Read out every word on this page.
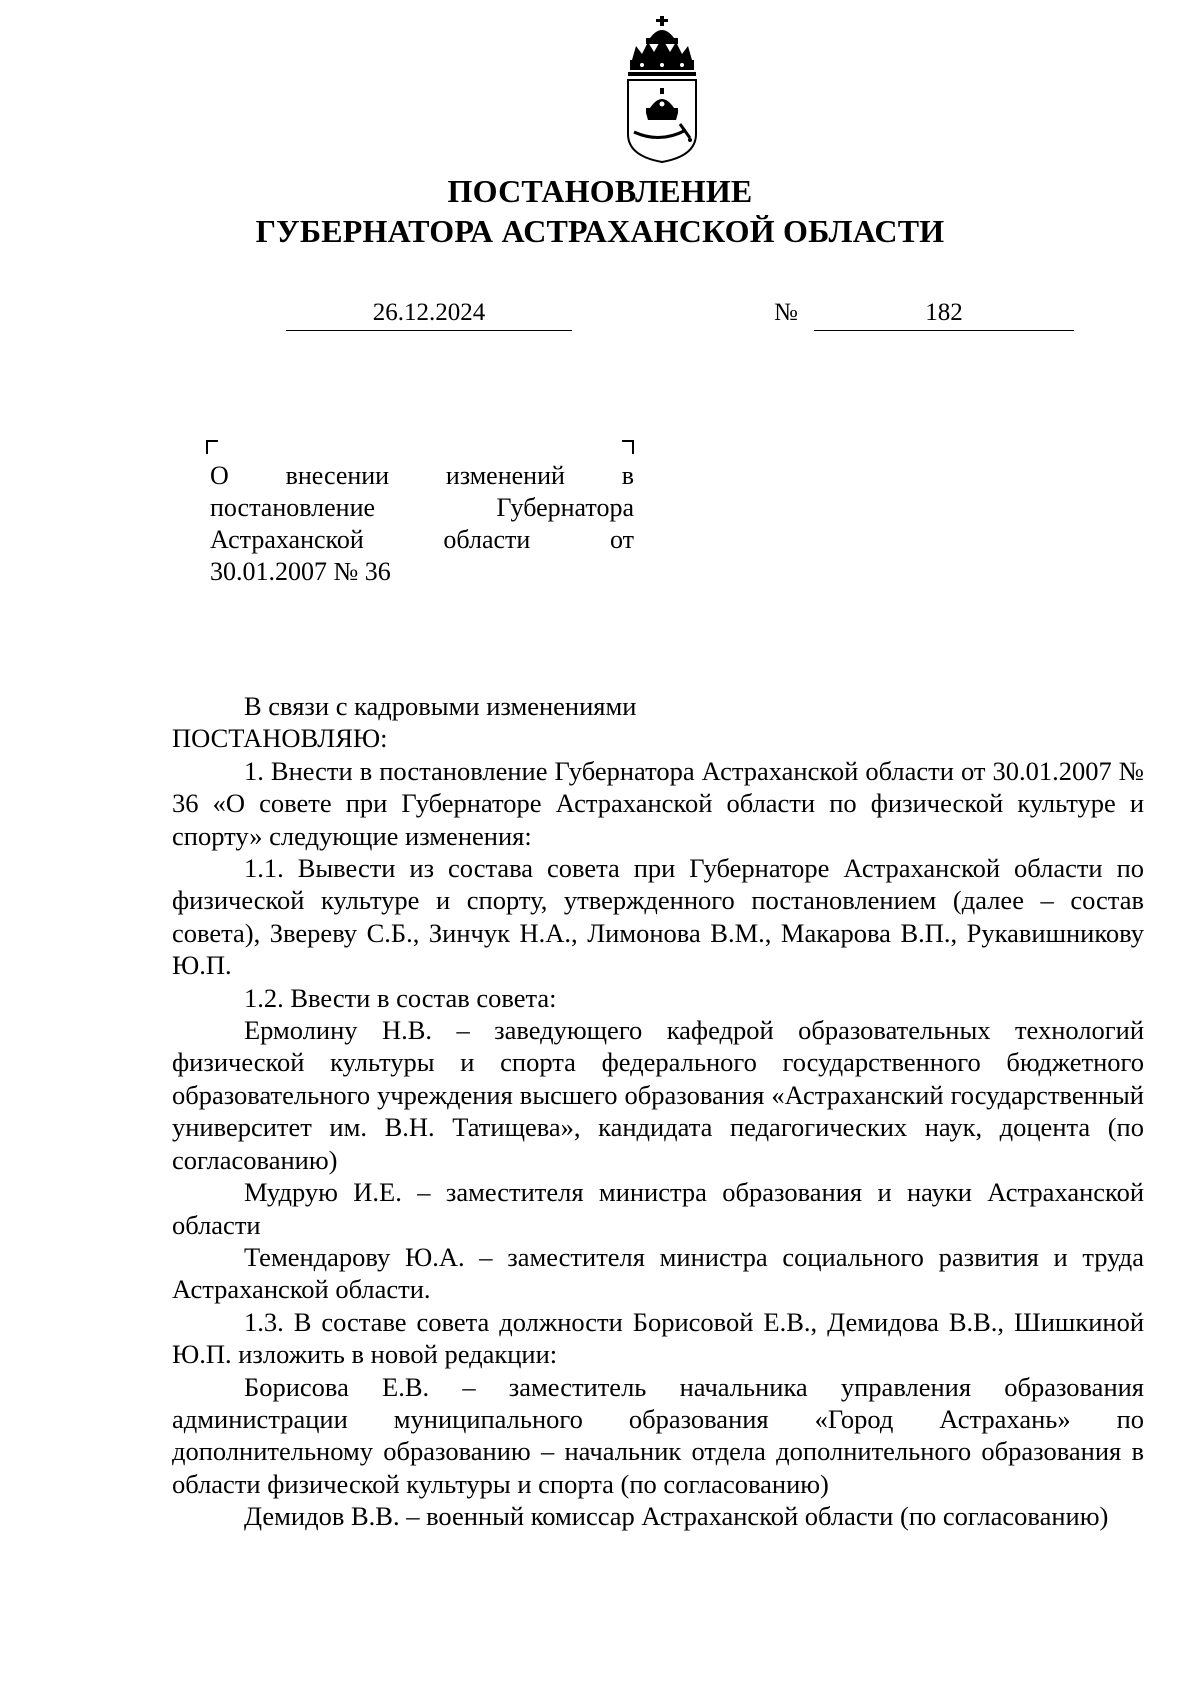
ПОСТАНОВЛЕНИЕ
ГУБЕРНАТОРА АСТРАХАНСКОЙ ОБЛАСТИ
26.12.2024	№	182
О внесении изменений в
постановление Губернатора
Астраханской области от
30.01.2007 № 36

В связи с кадровыми изменениями

ПОСТАНОВЛЯЮ:

1. Внести в постановление Губернатора Астраханской области от 30.01.2007 № 36 «О совете при Губернаторе Астраханской области по физической культуре и спорту» следующие изменения:

1.1. Вывести из состава совета при Губернаторе Астраханской области по физической культуре и спорту, утвержденного постановлением (далее – состав совета), Звереву С.Б., Зинчук Н.А., Лимонова В.М., Макарова В.П., Рукавишникову Ю.П.

1.2. Ввести в состав совета:

Ермолину Н.В. – заведующего кафедрой образовательных технологий физической культуры и спорта федерального государственного бюджетного образовательного учреждения высшего образования «Астраханский государственный университет им. В.Н. Татищева», кандидата педагогических наук, доцента (по согласованию)

Мудрую И.Е. – заместителя министра образования и науки Астраханской области

Темендарову Ю.А. – заместителя министра социального развития и труда Астраханской области.

1.3. В составе совета должности Борисовой Е.В., Демидова В.В., Шишкиной Ю.П. изложить в новой редакции:

Борисова Е.В. – заместитель начальника управления образования администрации муниципального образования «Город Астрахань» по дополнительному образованию – начальник отдела дополнительного образования в области физической культуры и спорта (по согласованию)

Демидов В.В. – военный комиссар Астраханской области (по согласованию)
